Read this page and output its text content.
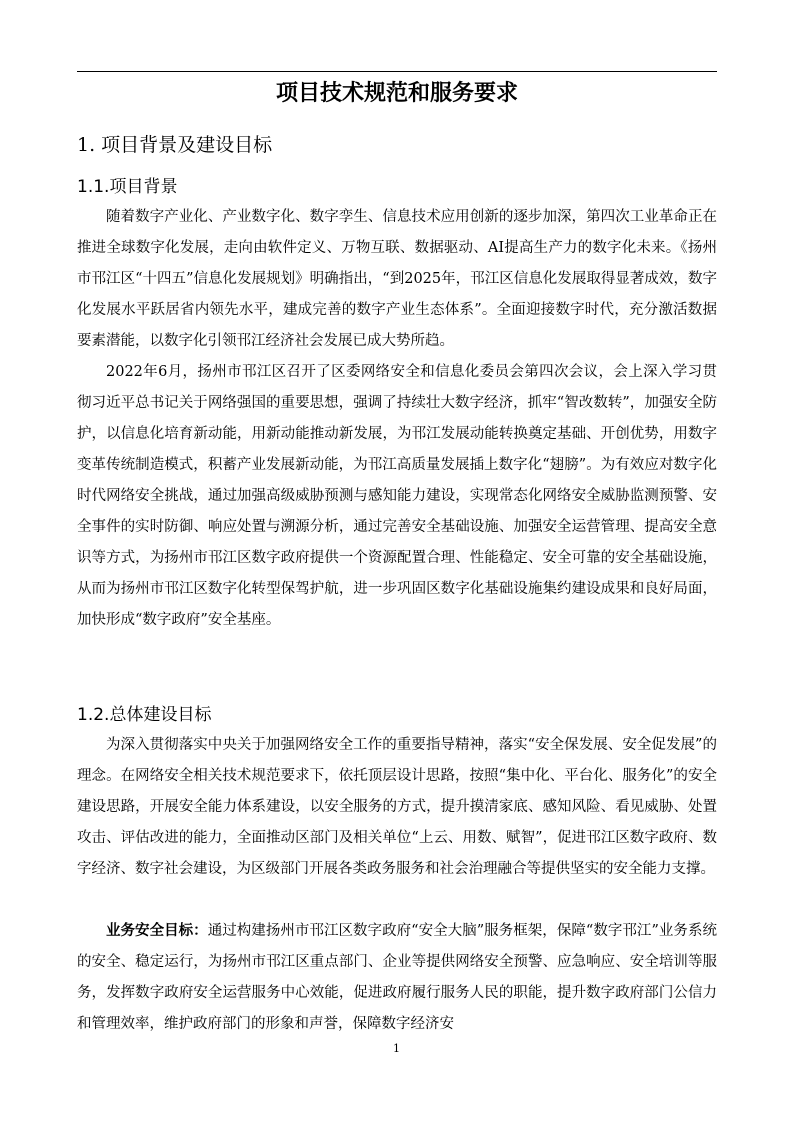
项目技术规范和服务要求
1. 项目背景及建设目标
1.1.项目背景

随着数字产业化、产业数字化、数字孪生、信息技术应用创新的逐步加深，第四次工业革命正在推进全球数字化发展，走向由软件定义、万物互联、数据驱动、AI提高生产力的数字化未来。《扬州市邗江区“十四五”信息化发展规划》明确指出，“到2025年，邗江区信息化发展取得显著成效，数字化发展水平跃居省内领先水平，建成完善的数字产业生态体系”。全面迎接数字时代，充分激活数据要素潜能，以数字化引领邗江经济社会发展已成大势所趋。

2022年6月，扬州市邗江区召开了区委网络安全和信息化委员会第四次会议，会上深入学习贯彻习近平总书记关于网络强国的重要思想，强调了持续壮大数字经济，抓牢“智改数转”，加强安全防护，以信息化培育新动能，用新动能推动新发展，为邗江发展动能转换奠定基础、开创优势，用数字变革传统制造模式，积蓄产业发展新动能，为邗江高质量发展插上数字化“翅膀”。为有效应对数字化时代网络安全挑战，通过加强高级威胁预测与感知能力建设，实现常态化网络安全威胁监测预警、安全事件的实时防御、响应处置与溯源分析，通过完善安全基础设施、加强安全运营管理、提高安全意识等方式，为扬州市邗江区数字政府提供一个资源配置合理、性能稳定、安全可靠的安全基础设施，从而为扬州市邗江区数字化转型保驾护航，进一步巩固区数字化基础设施集约建设成果和良好局面，加快形成“数字政府”安全基座。

1.2.总体建设目标

为深入贯彻落实中央关于加强网络安全工作的重要指导精神，落实“安全保发展、安全促发展”的理念。在网络安全相关技术规范要求下，依托顶层设计思路，按照“集中化、平台化、服务化”的安全建设思路，开展安全能力体系建设，以安全服务的方式，提升摸清家底、感知风险、看见威胁、处置攻击、评估改进的能力，全面推动区部门及相关单位“上云、用数、赋智”，促进邗江区数字政府、数字经济、数字社会建设，为区级部门开展各类政务服务和社会治理融合等提供坚实的安全能力支撑。

业务安全目标：通过构建扬州市邗江区数字政府“安全大脑”服务框架，保障“数字邗江”业务系统的安全、稳定运行，为扬州市邗江区重点部门、企业等提供网络安全预警、应急响应、安全培训等服务，发挥数字政府安全运营服务中心效能，促进政府履行服务人民的职能，提升数字政府部门公信力和管理效率，维护政府部门的形象和声誉，保障数字经济安

1
